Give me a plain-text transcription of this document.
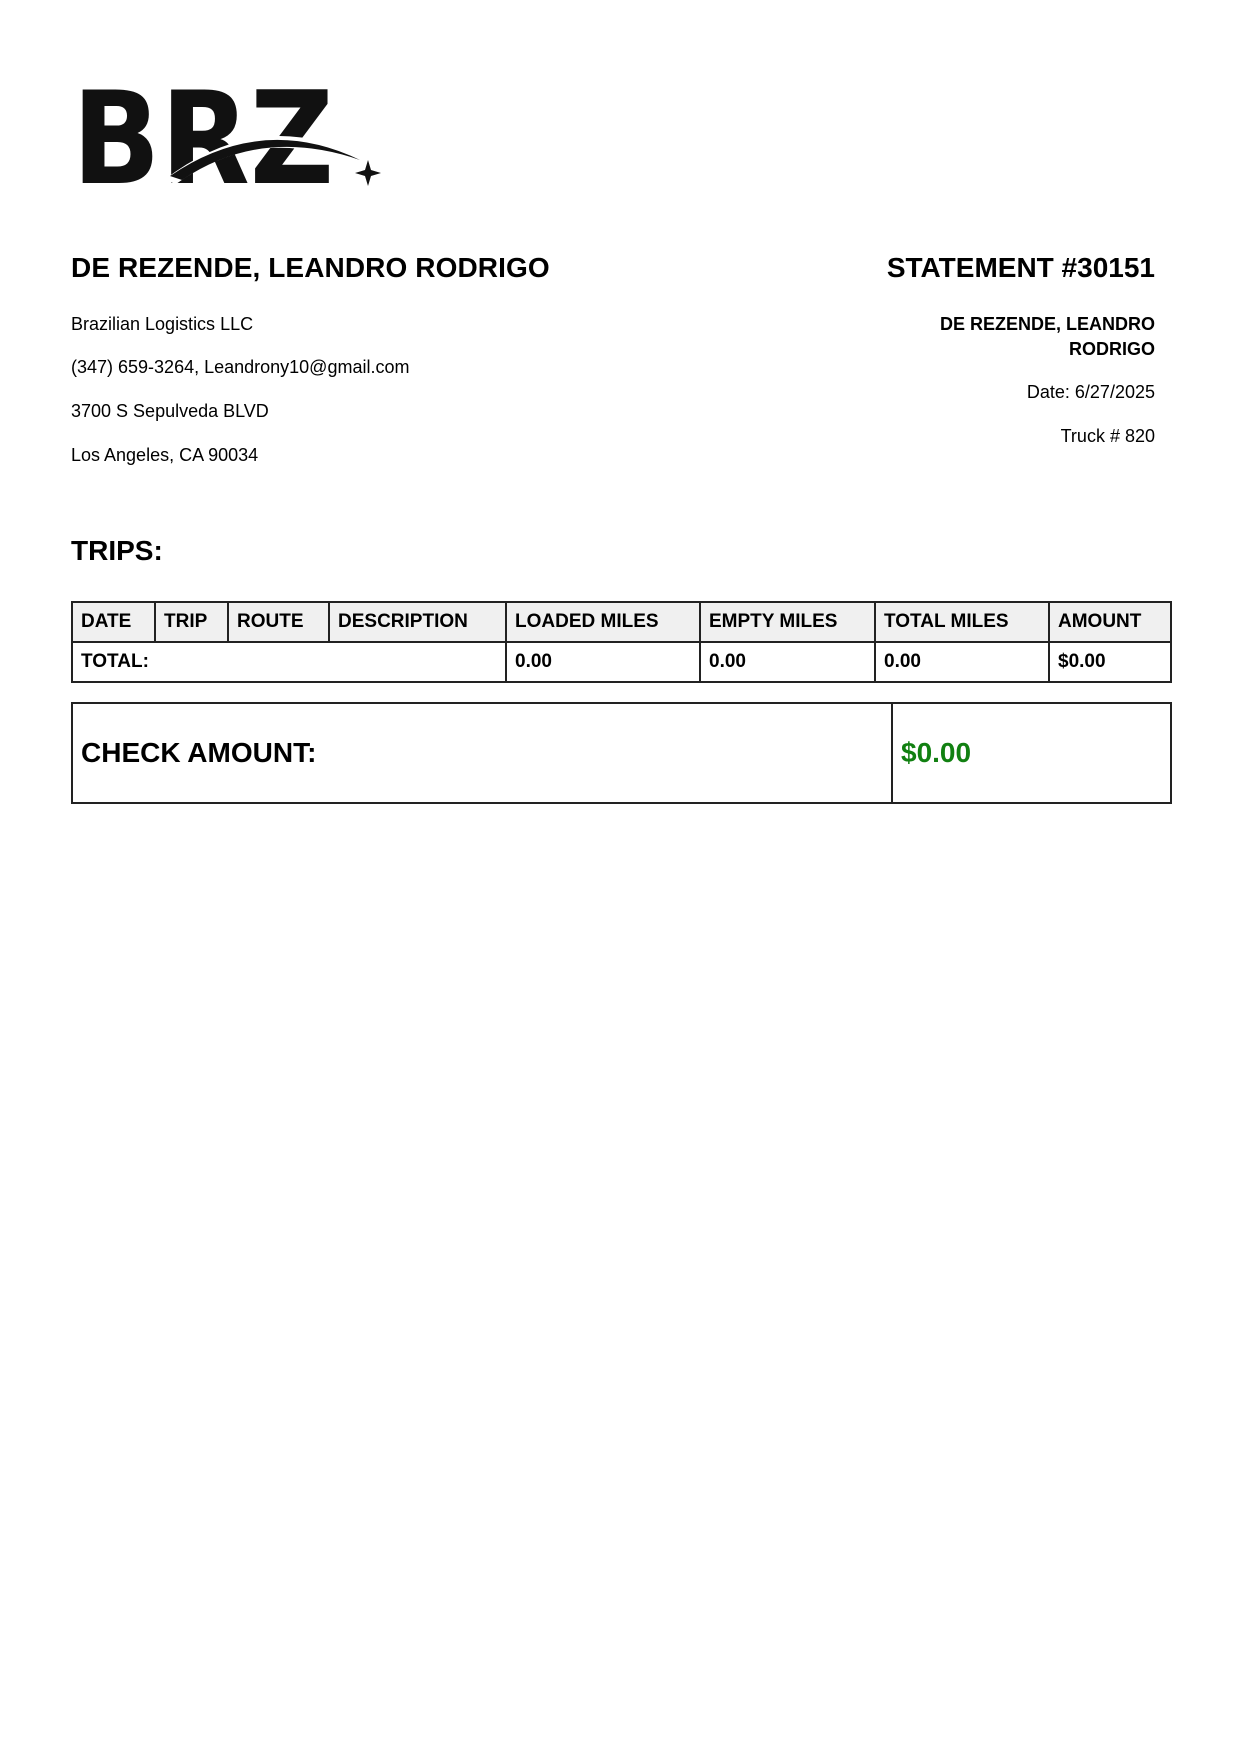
BRZ
DE REZENDE, LEANDRO RODRIGO
Brazilian Logistics LLC
(347) 659-3264, Leandrony10@gmail.com
3700 S Sepulveda BLVD
Los Angeles, CA 90034
STATEMENT #30151
DE REZENDE, LEANDRO RODRIGO
Date: 6/27/2025
Truck # 820
TRIPS:
DATE	TRIP	ROUTE	DESCRIPTION	LOADED MILES	EMPTY MILES	TOTAL MILES	AMOUNT
TOTAL:				0.00	0.00	0.00	$0.00
CHECK AMOUNT:	$0.00
